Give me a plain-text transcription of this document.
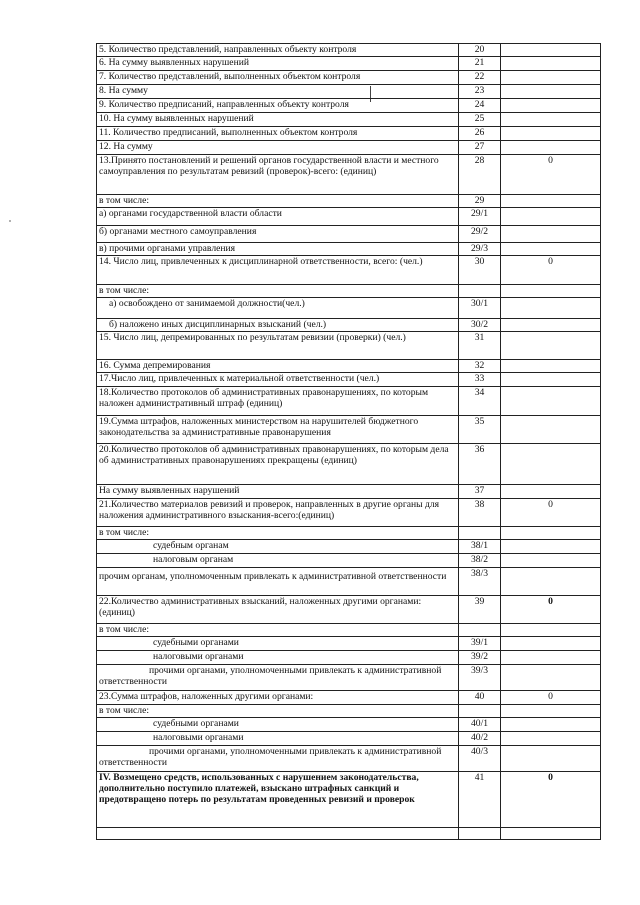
5. Количество представлений, направленных объекту контроля	20	
6. На сумму выявленных нарушений	21	
7. Количество представлений, выполненных объектом контроля	22	
8. На сумму	23	
9. Количество предписаний, направленных объекту контроля	24	
10. На сумму выявленных нарушений	25	
11. Количество предписаний, выполненных объектом контроля	26	
12. На сумму	27	
13.Принято постановлений и решений органов государственной власти и местного самоуправления по результатам ревизий (проверок)-всего: (единиц)	28	0
в том числе:	29	
а) органами государственной власти области	29/1	
б) органами местного самоуправления	29/2	
в) прочими органами управления	29/3	
14. Число лиц, привлеченных к дисциплинарной ответственности, всего: (чел.)	30	0
в том числе:		
а) освобождено от занимаемой должности(чел.)	30/1	
б) наложено иных дисциплинарных взысканий (чел.)	30/2	
15. Число лиц, депремированных по результатам ревизии (проверки) (чел.)	31	
16. Сумма депремирования	32	
17.Число лиц, привлеченных к материальной ответственности (чел.)	33	
18.Количество протоколов об административных правонарушениях, по которым наложен административный штраф (единиц)	34	
19.Сумма штрафов, наложенных министерством на нарушителей бюджетного законодательства за административные правонарушения	35	
20.Количество протоколов об административных правонарушениях, по которым дела об административных правонарушениях прекращены (единиц)	36	
На сумму выявленных нарушений	37	
21.Количество материалов ревизий и проверок, направленных в другие органы для наложения административного взыскания-всего:(единиц)	38	0
в том числе:		
судебным органам	38/1	
налоговым органам	38/2	
прочим органам, уполномоченным привлекать к административной ответственности	38/3	
22.Количество административных взысканий, наложенных другими органами: (единиц)	39	0
в том числе:		
судебными органами	39/1	
налоговыми органами	39/2	

прочими органами, уполномоченными привлекать к административной ответственности	39/3	
23.Сумма штрафов, наложенных другими органами:	40	0
в том числе:		
судебными органами	40/1	
налоговыми органами	40/2	

прочими органами, уполномоченными привлекать к административной ответственности	40/3	
IV. Возмещено средств, использованных с нарушением законодательства, дополнительно поступило платежей, взыскано штрафных санкций и предотвращено потерь по результатам проведенных ревизий и проверок	41	0
